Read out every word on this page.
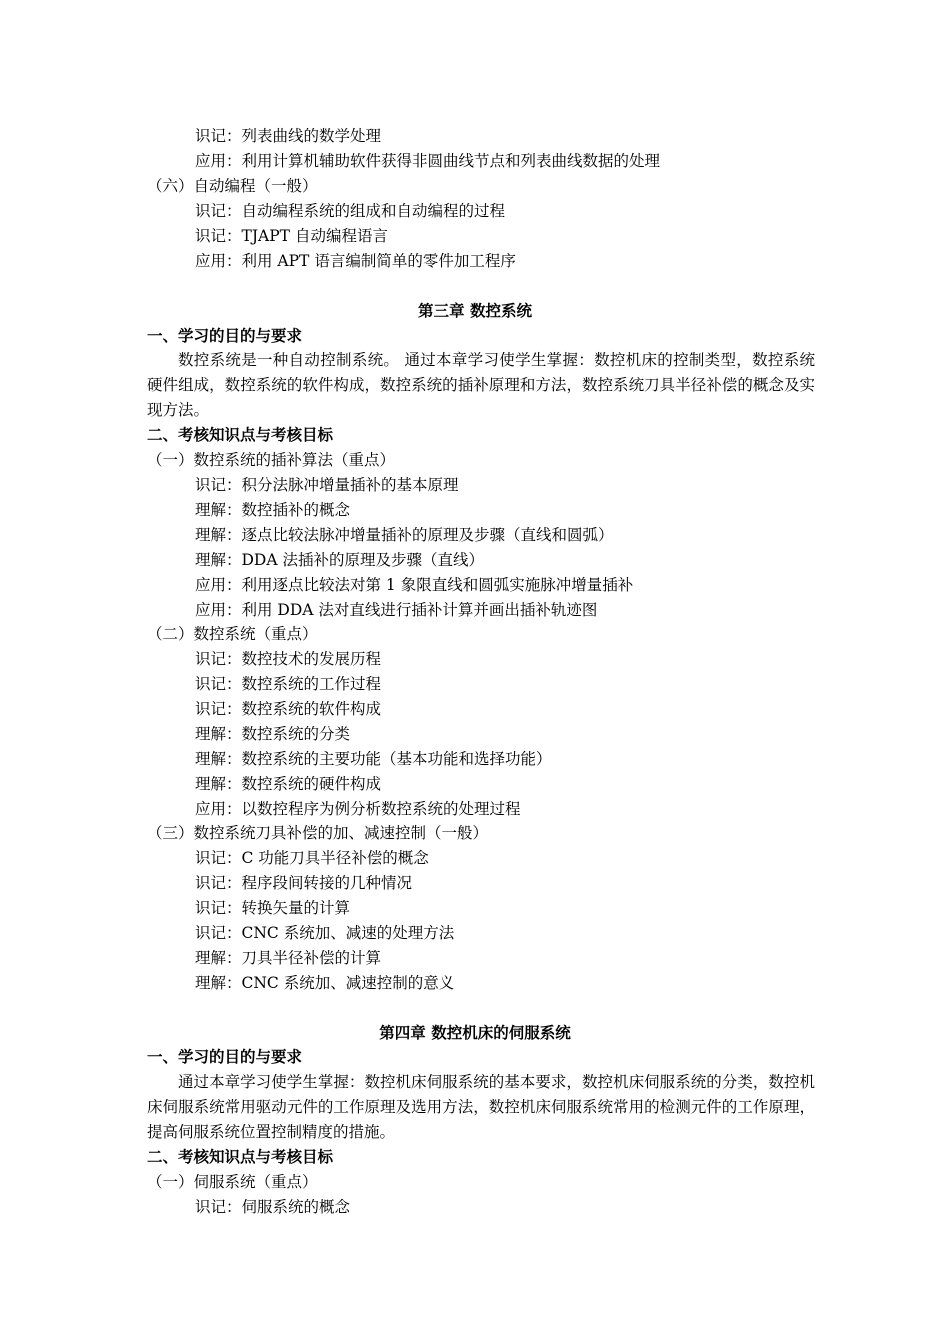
识记：列表曲线的数学处理
应用：利用计算机辅助软件获得非圆曲线节点和列表曲线数据的处理
（六）自动编程（一般）
识记：自动编程系统的组成和自动编程的过程
识记：TJAPT 自动编程语言
应用：利用 APT 语言编制简单的零件加工程序
第三章 数控系统
一、学习的目的与要求
数控系统是一种自动控制系统。 通过本章学习使学生掌握：数控机床的控制类型，数控系统硬件组成，数控系统的软件构成，数控系统的插补原理和方法，数控系统刀具半径补偿的概念及实现方法。
二、考核知识点与考核目标
（一）数控系统的插补算法（重点）
识记：积分法脉冲增量插补的基本原理
理解：数控插补的概念
理解：逐点比较法脉冲增量插补的原理及步骤（直线和圆弧）
理解：DDA 法插补的原理及步骤（直线）
应用：利用逐点比较法对第 1 象限直线和圆弧实施脉冲增量插补
应用：利用 DDA 法对直线进行插补计算并画出插补轨迹图
（二）数控系统（重点）
识记：数控技术的发展历程
识记：数控系统的工作过程
识记：数控系统的软件构成
理解：数控系统的分类
理解：数控系统的主要功能（基本功能和选择功能）
理解：数控系统的硬件构成
应用：以数控程序为例分析数控系统的处理过程
（三）数控系统刀具补偿的加、减速控制（一般）
识记：C 功能刀具半径补偿的概念
识记：程序段间转接的几种情况
识记：转换矢量的计算
识记：CNC 系统加、减速的处理方法
理解：刀具半径补偿的计算
理解：CNC 系统加、减速控制的意义
第四章 数控机床的伺服系统
一、学习的目的与要求
通过本章学习使学生掌握：数控机床伺服系统的基本要求，数控机床伺服系统的分类，数控机床伺服系统常用驱动元件的工作原理及选用方法，数控机床伺服系统常用的检测元件的工作原理，提高伺服系统位置控制精度的措施。
二、考核知识点与考核目标
（一）伺服系统（重点）
识记：伺服系统的概念
